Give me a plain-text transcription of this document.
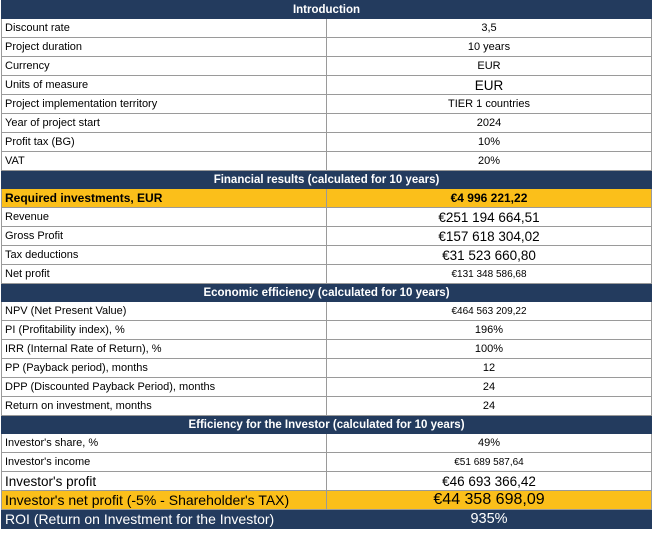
Introduction	
Discount rate	3,5
Project duration	10 years
Currency	EUR
Units of measure	EUR
Project implementation territory	TIER 1 countries
Year of project start	2024
Profit tax (BG)	10%
VAT	20%
Financial results (calculated for 10 years)	
Required investments, EUR	€4 996 221,22
Revenue	€251 194 664,51
Gross Profit	€157 618 304,02
Tax deductions	€31 523 660,80
Net profit	€131 348 586,68
Economic efficiency (calculated for 10 years)	
NPV (Net Present Value)	€464 563 209,22
PI (Profitability index), %	196%
IRR (Internal Rate of Return), %	100%
PP (Payback period), months	12
DPP (Discounted Payback Period), months	24
Return on investment, months	24
Efficiency for the Investor (calculated for 10 years)	
Investor's share, %	49%
Investor's income	€51 689 587,64
Investor's profit	€46 693 366,42
Investor's net profit (-5% - Shareholder's TAX)	€44 358 698,09
ROI (Return on Investment for the Investor)	935%
